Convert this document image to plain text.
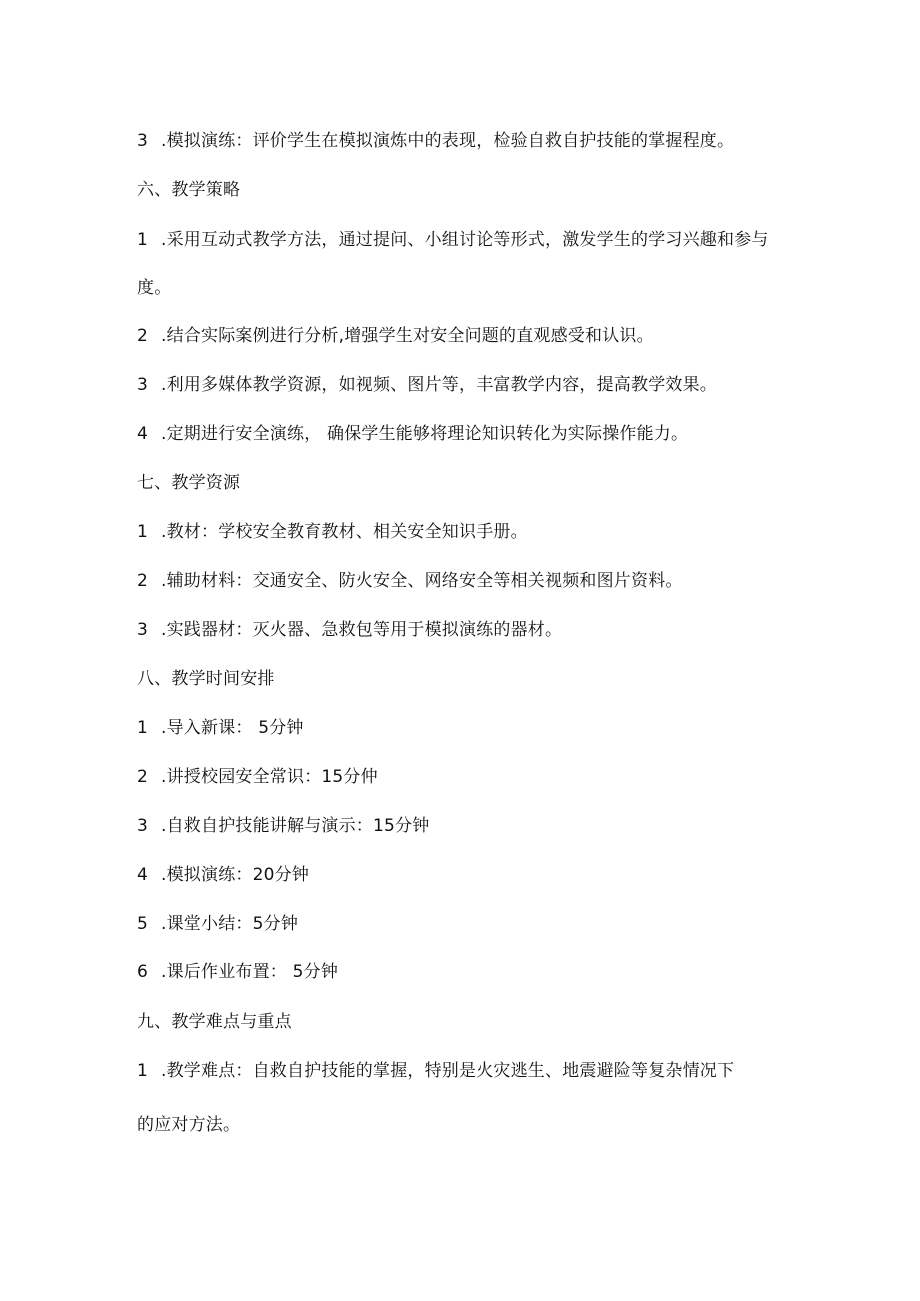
3 .模拟演练：评价学生在模拟演炼中的表现，检验自救自护技能的掌握程度。
六、教学策略
1 .采用互动式教学方法，通过提问、小组讨论等形式，激发学生的学习兴趣和参与
度。
2 .结合实际案例进行分析,增强学生对安全问题的直观感受和认识。
3 .利用多媒体教学资源，如视频、图片等，丰富教学内容，提高教学效果。
4 .定期进行安全演练， 确保学生能够将理论知识转化为实际操作能力。
七、教学资源
1 .教材：学校安全教育教材、相关安全知识手册。
2 .辅助材料：交通安全、防火安全、网络安全等相关视频和图片资料。
3 .实践器材：灭火器、急救包等用于模拟演练的器材。
八、教学时间安排
1 .导入新课： 5分钟
2 .讲授校园安全常识：15分仲
3 .自救自护技能讲解与演示：15分钟
4 .模拟演练：20分钟
5 .课堂小结：5分钟
6 .课后作业布置： 5分钟
九、教学难点与重点
1 .教学难点：自救自护技能的掌握，特别是火灾逃生、地震避险等复杂情况下
的应对方法。
